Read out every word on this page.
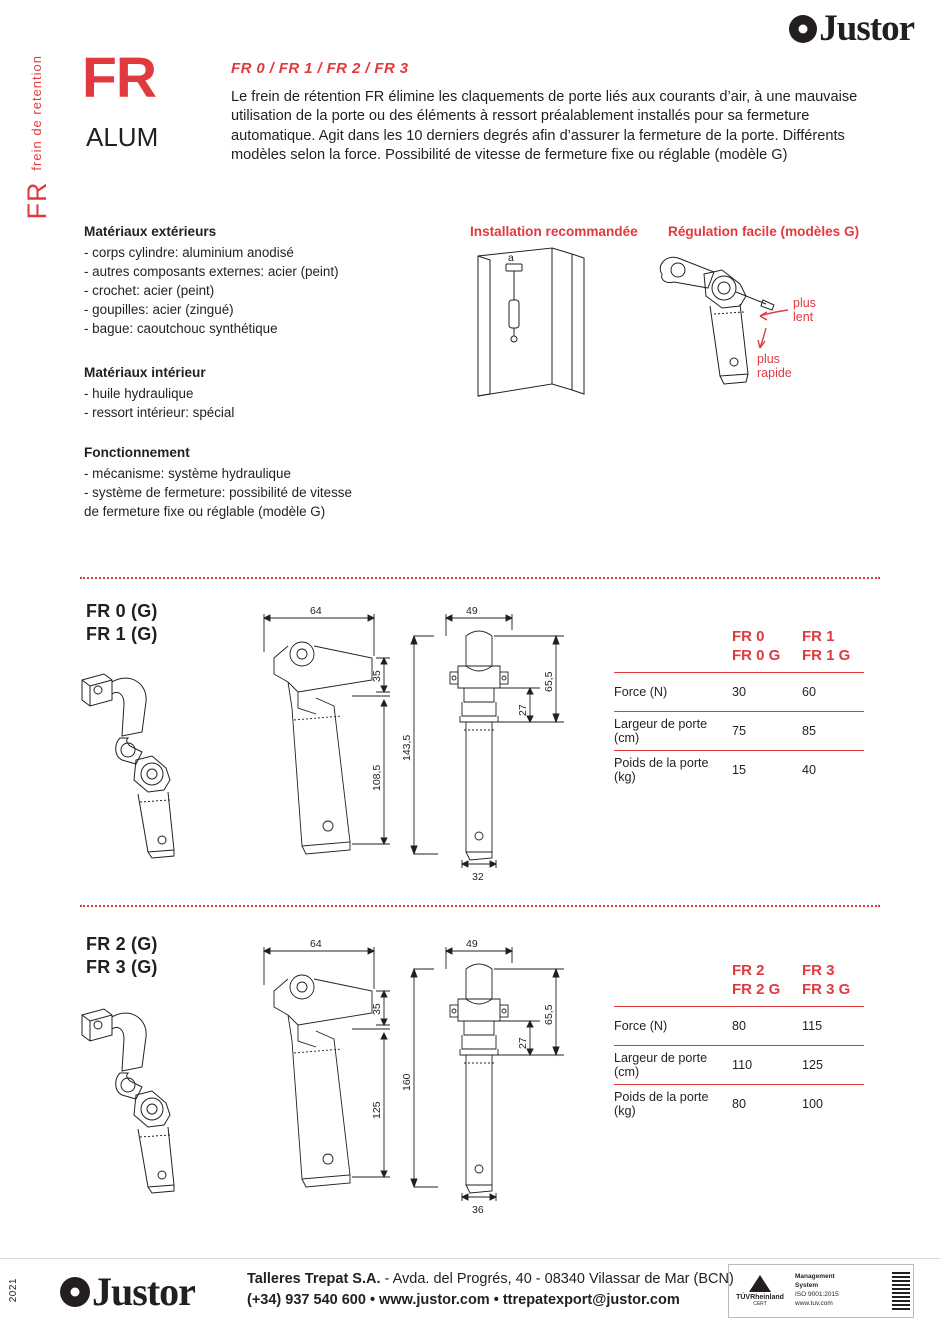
Justor
FR  frein de retention FR
ALUM
FR 0 / FR 1 / FR 2 / FR 3
Le frein de rétention FR élimine les claquements de porte liés aux courants d’air, à une mauvaise utilisation de la porte ou des éléments à ressort préalablement installés pour sa fermeture automatique. Agit dans les 10 derniers degrés afin d’assurer la fermeture de la porte. Différents modèles selon la force. Possibilité de vitesse de fermeture fixe ou réglable (modèle G)
Matériaux extérieurs
- corps cylindre: aluminium anodisé
- autres composants externes: acier (peint)
- crochet: acier (peint)
- goupilles: acier (zingué)
- bague: caoutchouc synthétique
Matériaux intérieur
- huile hydraulique
- ressort intérieur: spécial
Fonctionnement
- mécanisme: système hydraulique
- système de fermeture: possibilité de vitesse
de fermeture fixe ou réglable (modèle G)
Installation recommandée Régulation facile (modèles G)
a
plus
lent
plus
rapide
FR 0 (G)
FR 1 (G)
64
35
108,5
49
143,5
65,5
27
32
FR 0
FR 0 G
FR 1
FR 1 G
Force (N)	30	60
Largeur de porte (cm)	75	85
Poids de la porte (kg)	15	40
FR 2 (G)
FR 3 (G)
64
35
125
49
160
65,5
27
36
FR 2
FR 2 G
FR 3
FR 3 G
Force (N)	80	115
Largeur de porte (cm)	110	125
Poids de la porte (kg)	80	100
2021 Justor	Talleres Trepat S.A. - Avda. del Progrés, 40 - 08340 Vilassar de Mar (BCN)
(+34) 937 540 600 • www.justor.com • ttrepatexport@justor.com	TÜVRheinland
CERT
Management
System
ISO 9001:2015
www.tuv.com
